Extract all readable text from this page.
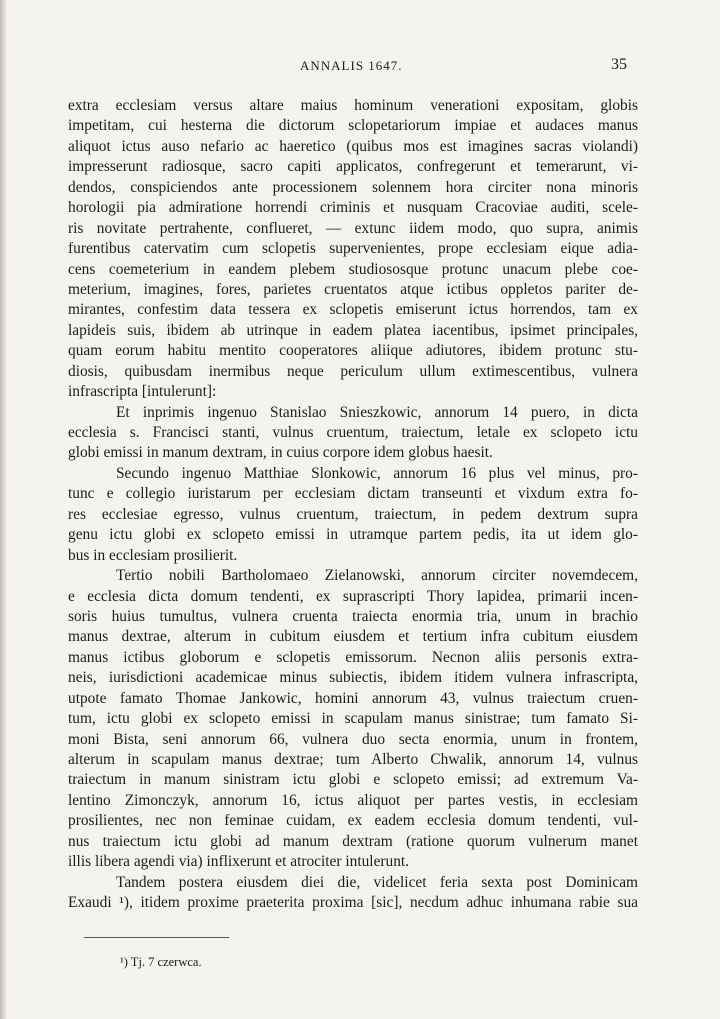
ANNALIS 1647.	35
extra ecclesiam versus altare maius hominum venerationi expositam, globis
impetitam, cui hesterna die dictorum sclopetariorum impiae et audaces manus
aliquot ictus auso nefario ac haeretico (quibus mos est imagines sacras violandi)
impresserunt radiosque, sacro capiti applicatos, confregerunt et temerarunt, vi-
dendos, conspiciendos ante processionem solennem hora circiter nona minoris
horologii pia admiratione horrendi criminis et nusquam Cracoviae auditi, scele-
ris novitate pertrahente, conflueret, — extunc iidem modo, quo supra, animis
furentibus catervatim cum sclopetis supervenientes, prope ecclesiam eique adia-
cens coemeterium in eandem plebem studiososque protunc unacum plebe coe-
meterium, imagines, fores, parietes cruentatos atque ictibus oppletos pariter de-
mirantes, confestim data tessera ex sclopetis emiserunt ictus horrendos, tam ex
lapideis suis, ibidem ab utrinque in eadem platea iacentibus, ipsimet principales,
quam eorum habitu mentito cooperatores aliique adiutores, ibidem protunc stu-
diosis, quibusdam inermibus neque periculum ullum extimescentibus, vulnera
infrascripta [intulerunt]:
Et inprimis ingenuo Stanislao Snieszkowic, annorum 14 puero, in dicta
ecclesia s. Francisci stanti, vulnus cruentum, traiectum, letale ex sclopeto ictu
globi emissi in manum dextram, in cuius corpore idem globus haesit.
Secundo ingenuo Matthiae Slonkowic, annorum 16 plus vel minus, pro-
tunc e collegio iuristarum per ecclesiam dictam transeunti et vixdum extra fo-
res ecclesiae egresso, vulnus cruentum, traiectum, in pedem dextrum supra
genu ictu globi ex sclopeto emissi in utramque partem pedis, ita ut idem glo-
bus in ecclesiam prosilierit.
Tertio nobili Bartholomaeo Zielanowski, annorum circiter novemdecem,
e ecclesia dicta domum tendenti, ex suprascripti Thory lapidea, primarii incen-
soris huius tumultus, vulnera cruenta traiecta enormia tria, unum in brachio
manus dextrae, alterum in cubitum eiusdem et tertium infra cubitum eiusdem
manus ictibus globorum e sclopetis emissorum. Necnon aliis personis extra-
neis, iurisdictioni academicae minus subiectis, ibidem itidem vulnera infrascripta,
utpote famato Thomae Jankowic, homini annorum 43, vulnus traiectum cruen-
tum, ictu globi ex sclopeto emissi in scapulam manus sinistrae; tum famato Si-
moni Bista, seni annorum 66, vulnera duo secta enormia, unum in frontem,
alterum in scapulam manus dextrae; tum Alberto Chwalik, annorum 14, vulnus
traiectum in manum sinistram ictu globi e sclopeto emissi; ad extremum Va-
lentino Zimonczyk, annorum 16, ictus aliquot per partes vestis, in ecclesiam
prosilientes, nec non feminae cuidam, ex eadem ecclesia domum tendenti, vul-
nus traiectum ictu globi ad manum dextram (ratione quorum vulnerum manet
illis libera agendi via) inflixerunt et atrociter intulerunt.
Tandem postera eiusdem diei die, videlicet feria sexta post Dominicam
Exaudi ¹), itidem proxime praeterita proxima [sic], necdum adhuc inhumana rabie sua
¹) Tj. 7 czerwca.
